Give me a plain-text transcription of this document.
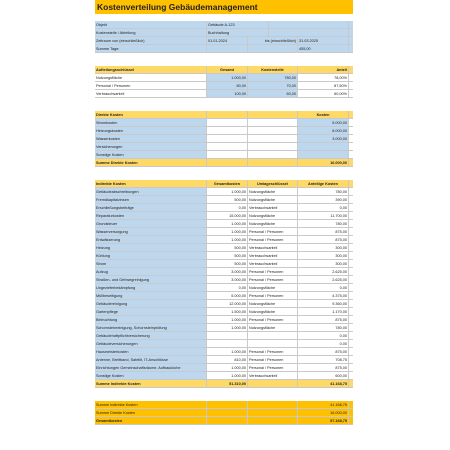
Kostenverteilung Gebäudemanagement
Objekt	Gebäude A-123
Kostenstelle / Abteilung	Buchhaltung
Zeitraum von (einschließlich)	01.01.2024	bis (einschließlich) 31.03.2025
Summe Tage:	455,00
Aufteilungsschlüssel	Gesamt	Kostenstelle	Anteil
Nutzungsfläche	1.000,00	780,00	78,00%
Personal / Personen	80,00	70,00	87,50%
Verbrauchsanteil	100,00	60,00	60,00%
Direkte Kosten	Kosten
Stromkosten	5.000,00
Heizungskosten	8.000,00
Wasserkosten	3.000,00
Versicherungen
Sonstige Kosten
Summe Direkte Kosten	16.000,00
Indirekte Kosten	Gesamtkosten	Umlageschlüssel	Anteilige Kosten
Gebäudeabschreibungen	1.000,00 Nutzungsfläche	780,00
Fremdkapitalzinsen	500,00 Nutzungsfläche	390,00
Erschließungsbeiträge	0,00 Verbrauchsanteil	0,00
Reparaturkosten	15.000,00 Nutzungsfläche	11.700,00
Grundsteuer	1.000,00 Nutzungsfläche	780,00
Wasserversorgung	1.000,00 Personal / Personen	875,00
Entwässerung	1.000,00 Personal / Personen	875,00
Heizung	500,00 Verbrauchsanteil	300,00
Kühlung	500,00 Verbrauchsanteil	300,00
Strom	500,00 Verbrauchsanteil	300,00
Aufzug	3.000,00 Personal / Personen	2.625,00
Straßen- und Gehwegreinigung	3.000,00 Personal / Personen	2.625,00
Ungezieferbekämpfung	0,00 Nutzungsfläche	0,00
Müllbeseitigung	5.000,00 Personal / Personen	4.375,00
Gebäudereinigung	12.000,00 Nutzungsfläche	9.360,00
Gartenpflege	1.500,00 Nutzungsfläche	1.170,00
Beleuchtung	1.000,00 Personal / Personen	875,00
Schornsteinreinigung, Schornsteinprüfung	1.000,00 Nutzungsfläche	780,00
Gebäudehaftpflichtversicherung	0,00
Gebäudeversicherungen	0,00
Hausmeisterkosten	1.000,00 Personal / Personen	875,00
Antenne, Breitband, Satellit, IT-Anschlüsse	810,00 Personal / Personen	708,75
Einrichtungen Gemeinschaftsräume, Aufbauküche	1.000,00 Personal / Personen	875,00
Sonstige Kosten	1.000,00 Verbrauchsanteil	600,00
Summe Indirekte Kosten	51.310,00	41.168,75
Summe Indirekte Kosten	41.168,75
Summe Direkte Kosten	16.000,00
Gesamtkosten	57.168,75
